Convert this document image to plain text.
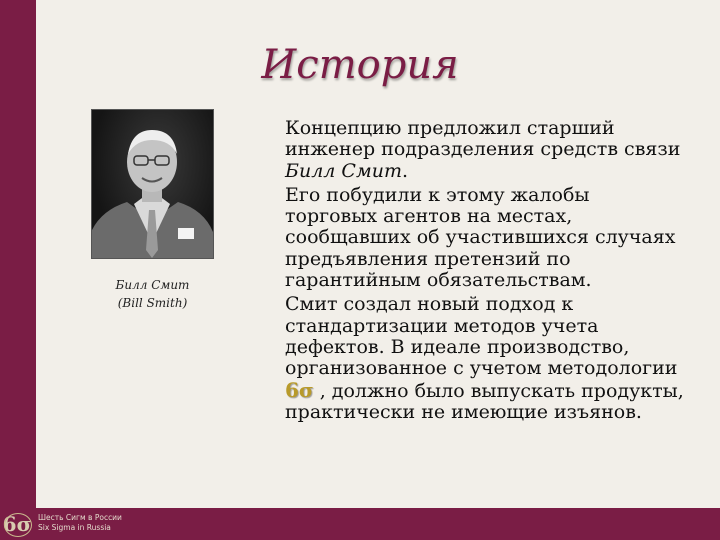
История
Билл Смит
(Bill Smith)

Концепцию предложил старший инженер подразделения средств связи Билл Смит.

Его побудили к этому жалобы торговых агентов на местах, сообщавших об участившихся случаях предъявления претензий по гарантийным обязательствам.

Смит создал новый подход к стандартизации методов учета дефектов. В идеале производство, организованное с учетом методологии 6σ , должно было выпускать продукты, практически не имеющие изъянов.

6σ Шесть Сигм в России
Six Sigma in Russia
